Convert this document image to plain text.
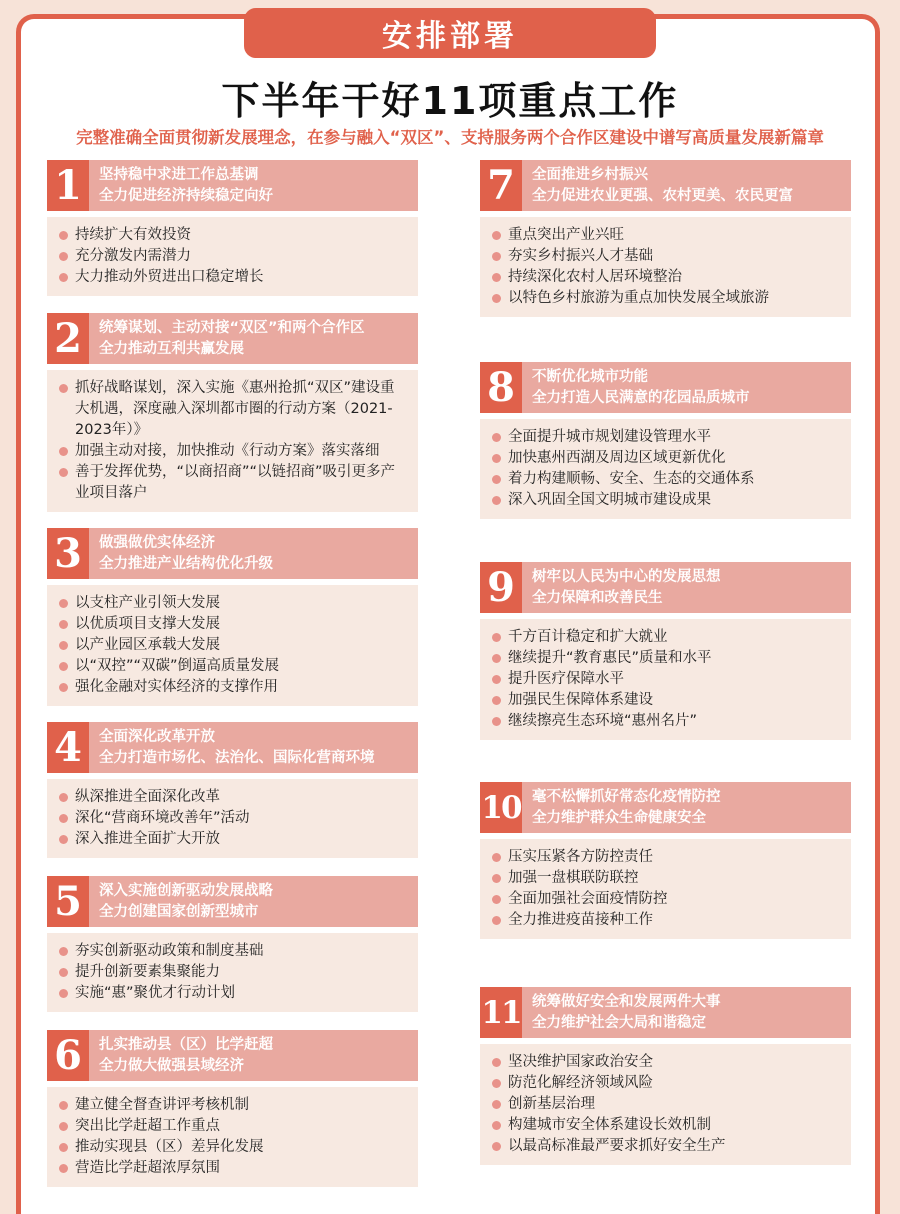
安排部署
下半年干好11项重点工作
完整准确全面贯彻新发展理念，在参与融入“双区”、支持服务两个合作区建设中谱写高质量发展新篇章
1	坚持稳中求进工作总基调
全力促进经济持续稳定向好
持续扩大有效投资
充分激发内需潜力
大力推动外贸进出口稳定增长
2	统筹谋划、主动对接“双区”和两个合作区
全力推动互利共赢发展
抓好战略谋划，深入实施《惠州抢抓“双区”建设重大机遇，深度融入深圳都市圈的行动方案（2021-2023年）》
加强主动对接，加快推动《行动方案》落实落细
善于发挥优势，“以商招商”“以链招商”吸引更多产业项目落户
3	做强做优实体经济
全力推进产业结构优化升级
以支柱产业引领大发展
以优质项目支撑大发展
以产业园区承载大发展
以“双控”“双碳”倒逼高质量发展
强化金融对实体经济的支撑作用
4	全面深化改革开放
全力打造市场化、法治化、国际化营商环境
纵深推进全面深化改革
深化“营商环境改善年”活动
深入推进全面扩大开放
5	深入实施创新驱动发展战略
全力创建国家创新型城市
夯实创新驱动政策和制度基础
提升创新要素集聚能力
实施“惠”聚优才行动计划
6	扎实推动县（区）比学赶超
全力做大做强县域经济
建立健全督查讲评考核机制
突出比学赶超工作重点
推动实现县（区）差异化发展
营造比学赶超浓厚氛围
7	全面推进乡村振兴
全力促进农业更强、农村更美、农民更富
重点突出产业兴旺
夯实乡村振兴人才基础
持续深化农村人居环境整治
以特色乡村旅游为重点加快发展全域旅游
8	不断优化城市功能
全力打造人民满意的花园品质城市
全面提升城市规划建设管理水平
加快惠州西湖及周边区域更新优化
着力构建顺畅、安全、生态的交通体系
深入巩固全国文明城市建设成果
9	树牢以人民为中心的发展思想
全力保障和改善民生
千方百计稳定和扩大就业
继续提升“教育惠民”质量和水平
提升医疗保障水平
加强民生保障体系建设
继续擦亮生态环境“惠州名片”
10 毫不松懈抓好常态化疫情防控
全力维护群众生命健康安全
压实压紧各方防控责任
加强一盘棋联防联控
全面加强社会面疫情防控
全力推进疫苗接种工作
11 统筹做好安全和发展两件大事
全力维护社会大局和谐稳定
坚决维护国家政治安全
防范化解经济领域风险
创新基层治理
构建城市安全体系建设长效机制
以最高标准最严要求抓好安全生产
